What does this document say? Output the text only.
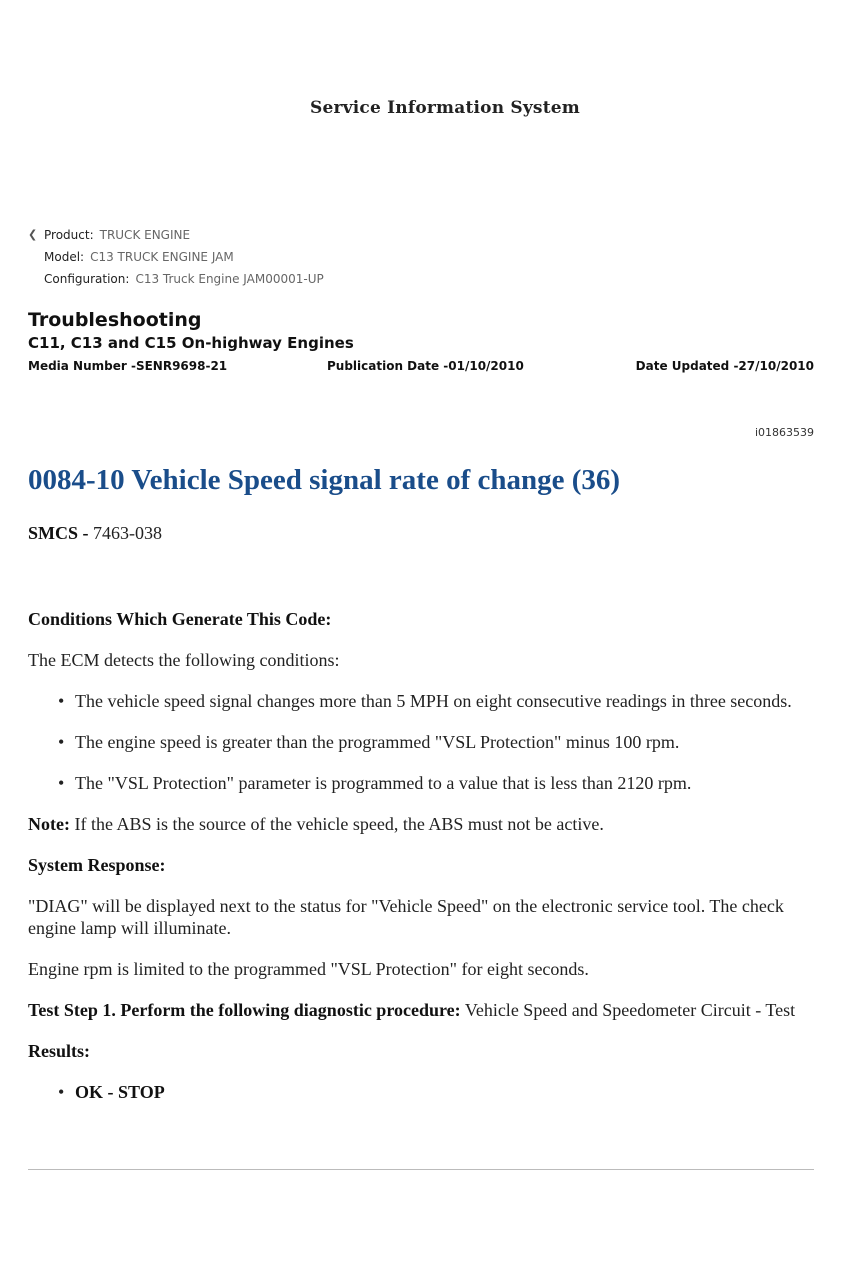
Service Information System
❮ Product: TRUCK ENGINE
Model: C13 TRUCK ENGINE JAM
Configuration: C13 Truck Engine JAM00001-UP
Troubleshooting
C11, C13 and C15 On-highway Engines
Media Number -SENR9698-21	Publication Date -01/10/2010	Date Updated -27/10/2010
i01863539
0084-10 Vehicle Speed signal rate of change (36)

SMCS - 7463-038

Conditions Which Generate This Code:

The ECM detects the following conditions:

• The vehicle speed signal changes more than 5 MPH on eight consecutive readings in three seconds.
• The engine speed is greater than the programmed "VSL Protection" minus 100 rpm.
• The "VSL Protection" parameter is programmed to a value that is less than 2120 rpm.

Note: If the ABS is the source of the vehicle speed, the ABS must not be active.

System Response:

"DIAG" will be displayed next to the status for "Vehicle Speed" on the electronic service tool. The check engine lamp will illuminate.

Engine rpm is limited to the programmed "VSL Protection" for eight seconds.

Test Step 1. Perform the following diagnostic procedure: Vehicle Speed and Speedometer Circuit - Test

Results:

• OK - STOP
